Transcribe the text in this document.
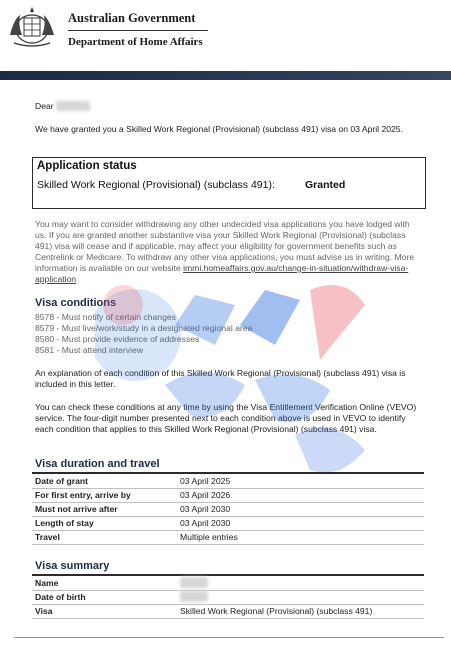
Australian Government
Department of Home Affairs
Dear
We have granted you a Skilled Work Regional (Provisional) (subclass 491) visa on 03 April 2025.
Application status
Skilled Work Regional (Provisional) (subclass 491):	Granted
You may want to consider withdrawing any other undecided visa applications you have lodged with us. If you are granted another substantive visa your Skilled Work Regional (Provisional) (subclass 491) visa will cease and if applicable, may affect your eligibility for government benefits such as Centrelink or Medicare. To withdraw any other visa applications, you must advise us in writing. More information is available on our website immi.homeaffairs.gov.au/change-in-situation/withdraw-visa-application
Visa conditions
8578 - Must notify of certain changes
8579 - Must live/work/study in a designated regional area
8580 - Must provide evidence of addresses
8581 - Must attend interview
An explanation of each condition of this Skilled Work Regional (Provisional) (subclass 491) visa is included in this letter.
You can check these conditions at any time by using the Visa Entitlement Verification Online (VEVO) service. The four-digit number presented next to each condition above is used in VEVO to identify each condition that applies to this Skilled Work Regional (Provisional) (subclass 491) visa.
Visa duration and travel
Date of grant	03 April 2025
For first entry, arrive by	03 April 2026
Must not arrive after	03 April 2030
Length of stay	03 April 2030
Travel	Multiple entries
Visa summary
Name
Date of birth
Visa	Skilled Work Regional (Provisional) (subclass 491)
